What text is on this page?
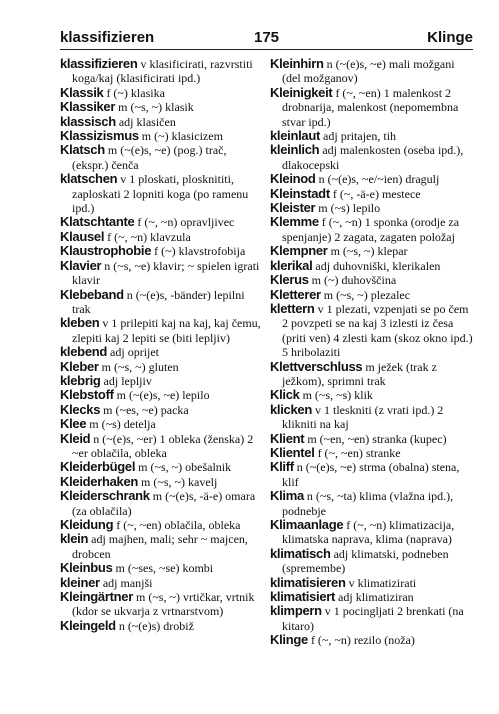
klassifizieren	175	Klinge

klassifizieren v klasificirati, razvrstiti koga/kaj (klasificirati ipd.)

Klassik f (~) klasika

Klassiker m (~s, ~) klasik

klassisch adj klasičen

Klassizismus m (~) klasicizem

Klatsch m (~(e)s, ~e) (pog.) trač, (ekspr.) čenča

klatschen v 1 ploskati, plosknititi, zaploskati 2 lopniti koga (po ramenu ipd.)

Klatschtante f (~, ~n) opravljivec

Klausel f (~, ~n) klavzula

Klaustrophobie f (~) klavstrofobija

Klavier n (~s, ~e) klavir; ~ spielen igrati klavir

Klebeband n (~(e)s, -bänder) lepilni trak

kleben v 1 prilepiti kaj na kaj, kaj čemu, zlepiti kaj 2 lepiti se (biti lepljiv)

klebend adj oprijet

Kleber m (~s, ~) gluten

klebrig adj lepljiv

Klebstoff m (~(e)s, ~e) lepilo

Klecks m (~es, ~e) packa

Klee m (~s) detelja

Kleid n (~(e)s, ~er) 1 obleka (ženska) 2 ~er oblačila, obleka

Kleiderbügel m (~s, ~) obešalnik

Kleiderhaken m (~s, ~) kavelj

Kleiderschrank m (~(e)s, -ä-e) omara (za oblačila)

Kleidung f (~, ~en) oblačila, obleka

klein adj majhen, mali; sehr ~ majcen, drobcen

Kleinbus m (~ses, ~se) kombi

kleiner adj manjši

Kleingärtner m (~s, ~) vrtičkar, vrtnik (kdor se ukvarja z vrtnarstvom)

Kleingeld n (~(e)s) drobiž

Kleinhirn n (~(e)s, ~e) mali možgani (del možganov)

Kleinigkeit f (~, ~en) 1 malenkost 2 drobnarija, malenkost (nepomembna stvar ipd.)

kleinlaut adj pritajen, tih

kleinlich adj malenkosten (oseba ipd.), dlakocepski

Kleinod n (~(e)s, ~e/~ien) dragulj

Kleinstadt f (~, -ä-e) mestece

Kleister m (~s) lepilo

Klemme f (~, ~n) 1 sponka (orodje za spenjanje) 2 zagata, zagaten položaj

Klempner m (~s, ~) klepar

klerikal adj duhovniški, klerikalen

Klerus m (~) duhovščina

Kletterer m (~s, ~) plezalec

klettern v 1 plezati, vzpenjati se po čem 2 povzpeti se na kaj 3 izlesti iz česa (priti ven) 4 zlesti kam (skoz okno ipd.) 5 hribolaziti

Klettverschluss m ježek (trak z ježkom), sprimni trak

Klick m (~s, ~s) klik

klicken v 1 tlesknitі (z vrati ipd.) 2 klikniti na kaj

Klient m (~en, ~en) stranka (kupec)

Klientel f (~, ~en) stranke

Kliff n (~(e)s, ~e) strma (obalna) stena, klif

Klima n (~s, ~ta) klima (vlažna ipd.), podnebje

Klimaanlage f (~, ~n) klimatizacija, klimatska naprava, klima (naprava)

klimatisch adj klimatski, podneben (spremembe)

klimatisieren v klimatizirati

klimatisiert adj klimatiziran

klimpern v 1 pocingljati 2 brenkati (na kitaro)

Klinge f (~, ~n) rezilo (noža)
